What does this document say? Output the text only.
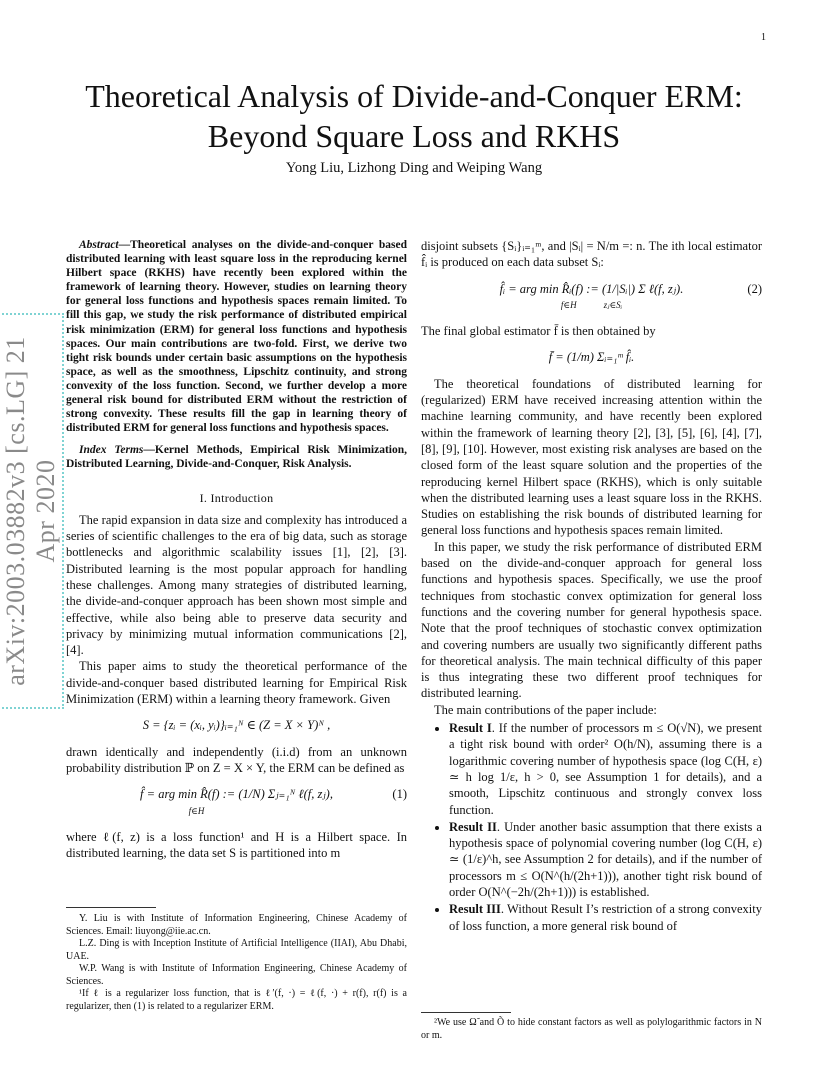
1
arXiv:2003.03882v3 [cs.LG] 21 Apr 2020
Theoretical Analysis of Divide-and-Conquer ERM:
Beyond Square Loss and RKHS
Yong Liu, Lizhong Ding and Weiping Wang

Abstract—Theoretical analyses on the divide-and-conquer based distributed learning with least square loss in the reproducing kernel Hilbert space (RKHS) have recently been explored within the framework of learning theory. However, studies on learning theory for general loss functions and hypothesis spaces remain limited. To fill this gap, we study the risk performance of distributed empirical risk minimization (ERM) for general loss functions and hypothesis spaces. Our main contributions are two-fold. First, we derive two tight risk bounds under certain basic assumptions on the hypothesis space, as well as the smoothness, Lipschitz continuity, and strong convexity of the loss function. Second, we further develop a more general risk bound for distributed ERM without the restriction of strong convexity. These results fill the gap in learning theory of distributed ERM for general loss functions and hypothesis spaces.

Index Terms—Kernel Methods, Empirical Risk Minimization, Distributed Learning, Divide-and-Conquer, Risk Analysis.

I. Introduction

The rapid expansion in data size and complexity has introduced a series of scientific challenges to the era of big data, such as storage bottlenecks and algorithmic scalability issues [1], [2], [3]. Distributed learning is the most popular approach for handling these challenges. Among many strategies of distributed learning, the divide-and-conquer approach has been shown most simple and effective, while also being able to preserve data security and privacy by minimizing mutual information communications [2], [4].

This paper aims to study the theoretical performance of the divide-and-conquer based distributed learning for Empirical Risk Minimization (ERM) within a learning theory framework. Given

S = {zᵢ = (xᵢ, yᵢ)}ᵢ₌₁ᴺ ∈ (Z = X × Y)ᴺ ,

drawn identically and independently (i.i.d) from an unknown probability distribution ℙ on Z = X × Y, the ERM can be defined as

f̂ = arg min R̂(f) := (1/N) Σⱼ₌₁ᴺ ℓ(f, zⱼ),	(1)
f∈H

where ℓ(f, z) is a loss function¹ and H is a Hilbert space. In distributed learning, the data set S is partitioned into m

Y. Liu is with Institute of Information Engineering, Chinese Academy of Sciences. Email: liuyong@iie.ac.cn.

L.Z. Ding is with Inception Institute of Artificial Intelligence (IIAI), Abu Dhabi, UAE.

W.P. Wang is with Institute of Information Engineering, Chinese Academy of Sciences.

¹If ℓ is a regularizer loss function, that is ℓ′(f, ·) = ℓ(f, ·) + r(f), r(f) is a regularizer, then (1) is related to a regularizer ERM.

disjoint subsets {Sᵢ}ᵢ₌₁ᵐ, and |Sᵢ| = N/m =: n. The ith local estimator f̂ᵢ is produced on each data subset Sᵢ:

f̂ᵢ = arg min R̂ᵢ(f) := (1/|Sᵢ|) Σ ℓ(f, zⱼ).	(2)
f∈H            zⱼ∈Sᵢ

The final global estimator f̄ is then obtained by

f̄ = (1/m) Σᵢ₌₁ᵐ f̂ᵢ.

The theoretical foundations of distributed learning for (regularized) ERM have received increasing attention within the machine learning community, and have recently been explored within the framework of learning theory [2], [3], [5], [6], [4], [7], [8], [9], [10]. However, most existing risk analyses are based on the closed form of the least square solution and the properties of the reproducing kernel Hilbert space (RKHS), which is only suitable when the distributed learning uses a least square loss in the RKHS. Studies on establishing the risk bounds of distributed learning for general loss functions and hypothesis spaces remain limited.

In this paper, we study the risk performance of distributed ERM based on the divide-and-conquer approach for general loss functions and hypothesis spaces. Specifically, we use the proof techniques from stochastic convex optimization for general loss functions and the covering number for general hypothesis space. Note that the proof techniques of stochastic convex optimization and covering numbers are usually two significantly different paths for theoretical analysis. The main technical difficulty of this paper is thus integrating these two different proof techniques for distributed learning.

The main contributions of the paper include:

• Result I. If the number of processors m ≤ O(√N), we present a tight risk bound with order² O(h/N), assuming there is a logarithmic covering number of hypothesis space (log C(H, ε) ≃ h log 1/ε, h > 0, see Assumption 1 for details), and a smooth, Lipschitz continuous and strongly convex loss function.
• Result II. Under another basic assumption that there exists a hypothesis space of polynomial covering number (log C(H, ε) ≃ (1/ε)^h, see Assumption 2 for details), and if the number of processors m ≤ O(N^(h/(2h+1))), another tight risk bound of order O(N^(−2h/(2h+1))) is established.
• Result III. Without Result I’s restriction of a strong convexity of loss function, a more general risk bound of

²We use Ω̃ and Õ to hide constant factors as well as polylogarithmic factors in N or m.
